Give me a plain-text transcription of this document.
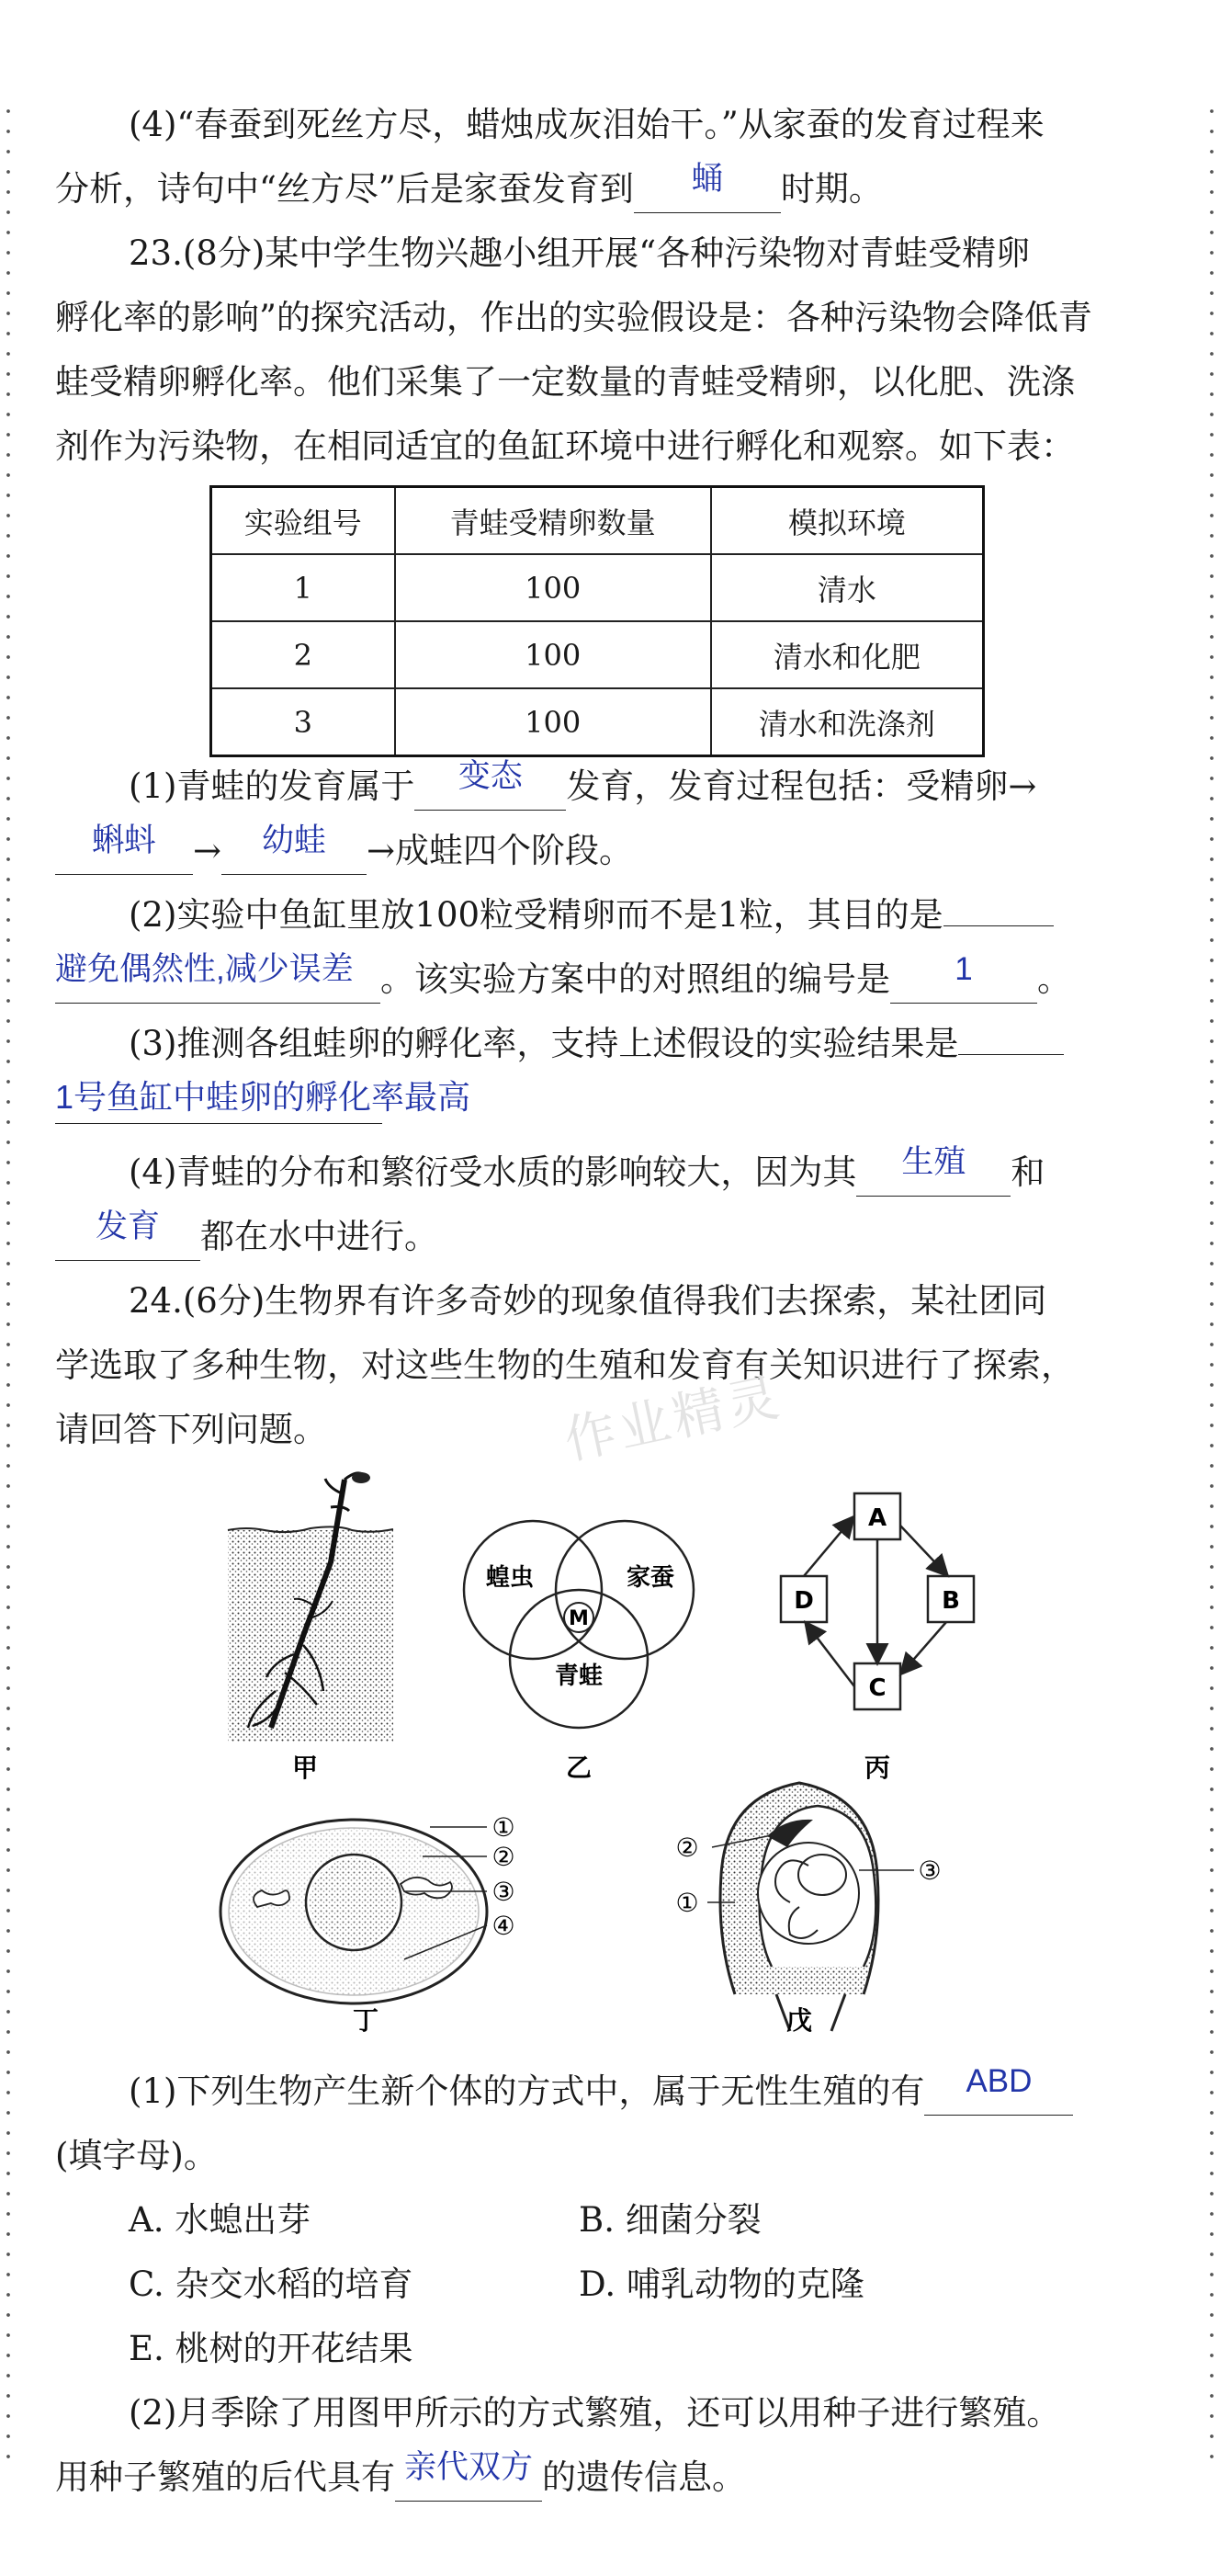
(4)“春蚕到死丝方尽，蜡烛成灰泪始干。”从家蚕的发育过程来
分析，诗句中“丝方尽”后是家蚕发育到 蛹 时期。
23.(8分)某中学生物兴趣小组开展“各种污染物对青蛙受精卵
孵化率的影响”的探究活动，作出的实验假设是：各种污染物会降低青
蛙受精卵孵化率。他们采集了一定数量的青蛙受精卵，以化肥、洗涤
剂作为污染物，在相同适宜的鱼缸环境中进行孵化和观察。如下表：
实验组号	青蛙受精卵数量	模拟环境
1	100	清水
2	100	清水和化肥
3	100	清水和洗涤剂
(1)青蛙的发育属于 变态 发育，发育过程包括：受精卵→
蝌蚪 → 幼蛙 →成蛙四个阶段。
(2)实验中鱼缸里放100粒受精卵而不是1粒，其目的是
避免偶然性,减少误差 。该实验方案中的对照组的编号是 1 。
(3)推测各组蛙卵的孵化率，支持上述假设的实验结果是
1号鱼缸中蛙卵的孵化率最高
(4)青蛙的分布和繁衍受水质的影响较大，因为其 生殖 和
发育 都在水中进行。
24.(6分)生物界有许多奇妙的现象值得我们去探索，某社团同
学选取了多种生物，对这些生物的生殖和发育有关知识进行了探索，
请回答下列问题。	作业精灵
甲
蝗虫	家蚕
青蛙
M
乙
A
B
C
D
丙
①
②
③
④
丁
①
②
③
戊
(1)下列生物产生新个体的方式中，属于无性生殖的有 ABD
(填字母)。
A. 水螅出芽	B. 细菌分裂
C. 杂交水稻的培育	D. 哺乳动物的克隆
E. 桃树的开花结果
(2)月季除了用图甲所示的方式繁殖，还可以用种子进行繁殖。
用种子繁殖的后代具有 亲代双方 的遗传信息。
